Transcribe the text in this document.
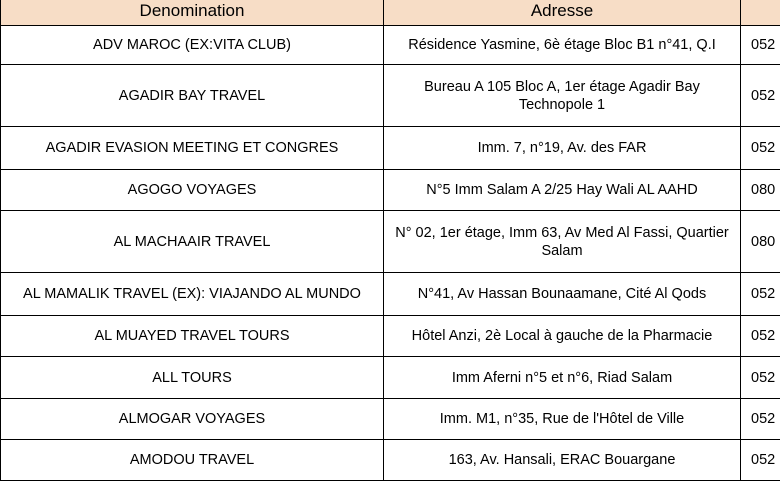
Denomination	Adresse	
ADV MAROC (EX:VITA CLUB)	Résidence Yasmine, 6è étage Bloc B1 n°41, Q.I	052
AGADIR BAY TRAVEL	Bureau A 105 Bloc A, 1er étage Agadir Bay Technopole 1	052
AGADIR EVASION MEETING ET CONGRES	Imm. 7, n°19, Av. des FAR	052
AGOGO VOYAGES	N°5 Imm Salam A 2/25 Hay Wali AL AAHD	080
AL MACHAAIR TRAVEL	N° 02, 1er étage, Imm 63, Av Med Al Fassi, Quartier Salam	080
AL MAMALIK TRAVEL (EX): VIAJANDO AL MUNDO	N°41, Av Hassan Bounaamane, Cité Al Qods	052
AL MUAYED TRAVEL TOURS	Hôtel Anzi, 2è Local à gauche de la Pharmacie	052
ALL TOURS	Imm Aferni n°5 et n°6, Riad Salam	052
ALMOGAR VOYAGES	Imm. M1, n°35, Rue de l'Hôtel de Ville	052
AMODOU TRAVEL	163, Av. Hansali, ERAC Bouargane	052
